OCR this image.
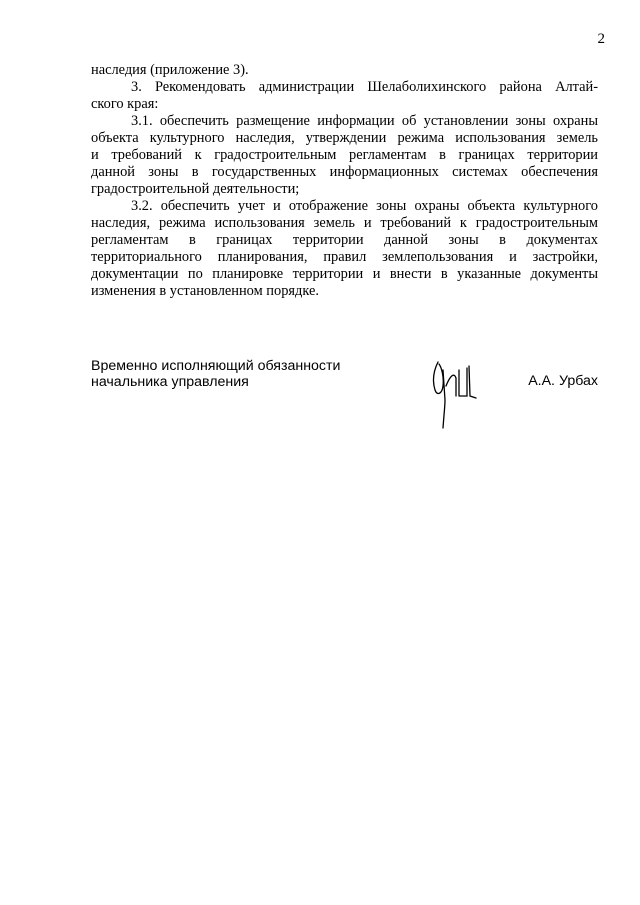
2
наследия (приложение 3).
3. Рекомендовать администрации Шелаболихинского района Алтай-
ского края:
3.1. обеспечить размещение информации об установлении зоны охраны
объекта культурного наследия, утверждении режима использования земель
и требований к градостроительным регламентам в границах территории
данной зоны в государственных информационных системах обеспечения
градостроительной деятельности;
3.2. обеспечить учет и отображение зоны охраны объекта культурного
наследия, режима использования земель и требований к градостроительным
регламентам в границах территории данной зоны в документах
территориального планирования, правил землепользования и застройки,
документации по планировке территории и внести в указанные документы
изменения в установленном порядке.
Временно исполняющий обязанности
начальника управления	А.А. Урбах
